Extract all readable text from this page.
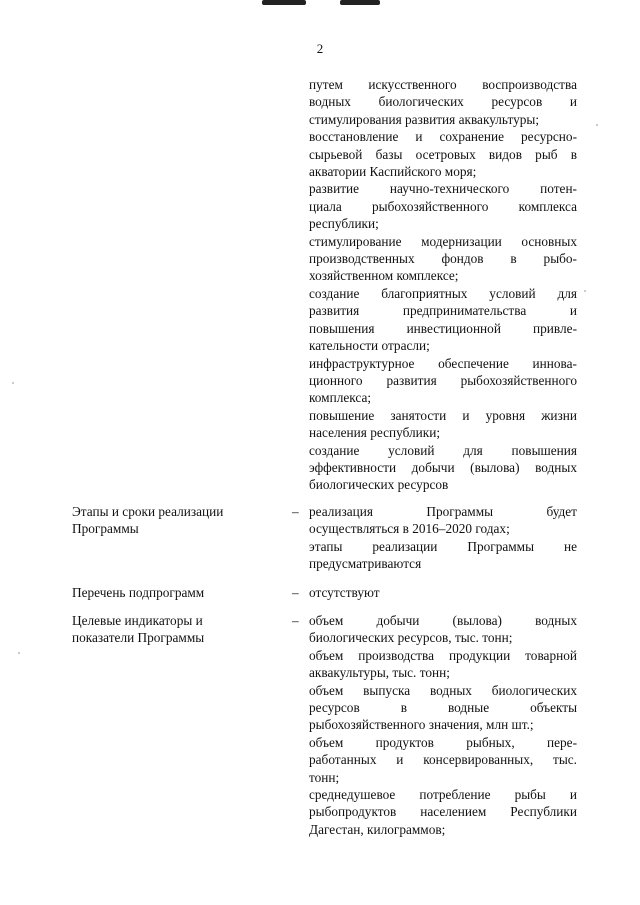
2

путем искусственного воспроизводства

водных биологических ресурсов и

стимулирования развития аквакультуры;

восстановление и сохранение ресурсно-

сырьевой базы осетровых видов рыб в

акватории Каспийского моря;

развитие научно-технического потен-

циала рыбохозяйственного комплекса

республики;

стимулирование модернизации основных

производственных фондов в рыбо-

хозяйственном комплексе;

создание благоприятных условий для

развития предпринимательства и

повышения инвестиционной привле-

кательности отрасли;

инфраструктурное обеспечение иннова-

ционного развития рыбохозяйственного

комплекса;

повышение занятости и уровня жизни

населения республики;

создание условий для повышения

эффективности добычи (вылова) водных

биологических ресурсов

Этапы и сроки реализации
Программы
– реализация Программы будет

осуществляться в 2016–2020 годах;

этапы реализации Программы не

предусматриваются

Перечень подпрограмм	– отсутствуют

Целевые индикаторы и
показатели Программы
– объем добычи (вылова) водных

биологических ресурсов, тыс. тонн;

объем производства продукции товарной

аквакультуры, тыс. тонн;

объем выпуска водных биологических

ресурсов в водные объекты

рыбохозяйственного значения, млн шт.;

объем продуктов рыбных, пере-

работанных и консервированных, тыс.

тонн;

среднедушевое потребление рыбы и

рыбопродуктов населением Республики

Дагестан, килограммов;
